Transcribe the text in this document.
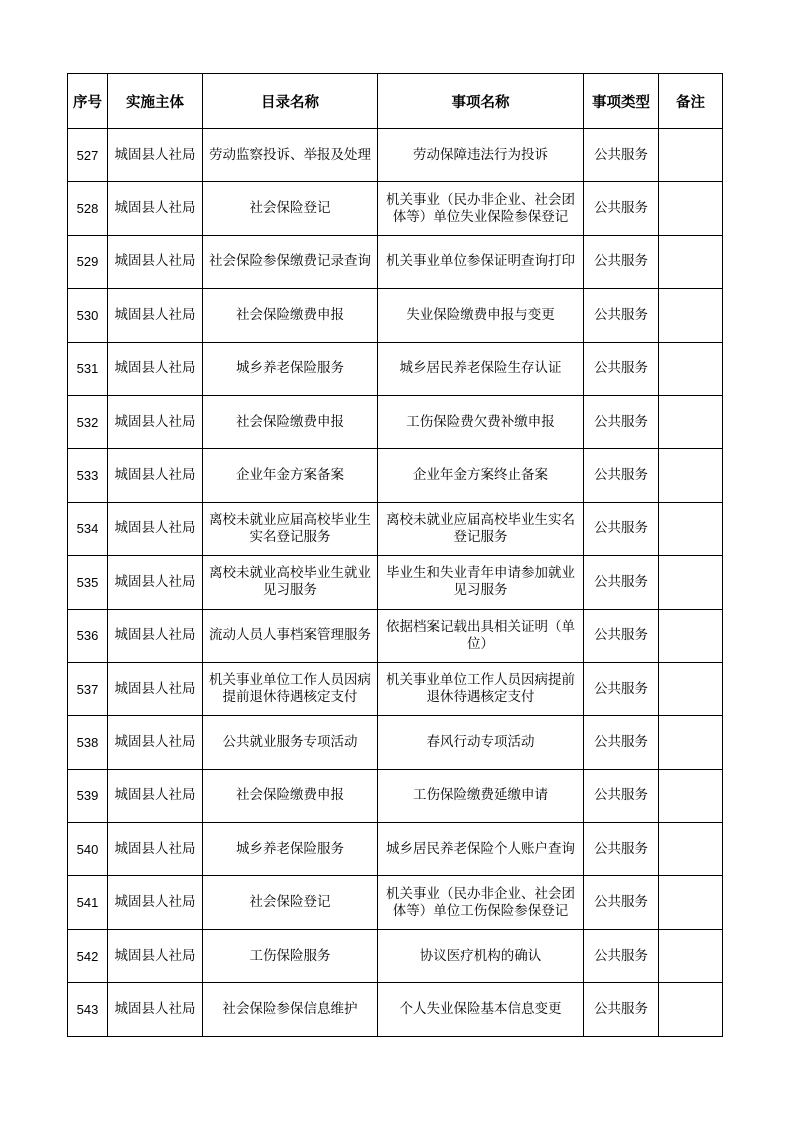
序号	实施主体	目录名称	事项名称	事项类型	备注
527	城固县人社局	劳动监察投诉、举报及处理	劳动保障违法行为投诉	公共服务	
528	城固县人社局	社会保险登记	机关事业（民办非企业、社会团体等）单位失业保险参保登记	公共服务	
529	城固县人社局	社会保险参保缴费记录查询	机关事业单位参保证明查询打印	公共服务	
530	城固县人社局	社会保险缴费申报	失业保险缴费申报与变更	公共服务	
531	城固县人社局	城乡养老保险服务	城乡居民养老保险生存认证	公共服务	
532	城固县人社局	社会保险缴费申报	工伤保险费欠费补缴申报	公共服务	
533	城固县人社局	企业年金方案备案	企业年金方案终止备案	公共服务	
534	城固县人社局	离校未就业应届高校毕业生实名登记服务	离校未就业应届高校毕业生实名登记服务	公共服务	
535	城固县人社局	离校未就业高校毕业生就业见习服务	毕业生和失业青年申请参加就业见习服务	公共服务	
536	城固县人社局	流动人员人事档案管理服务	依据档案记载出具相关证明（单位）	公共服务	
537	城固县人社局	机关事业单位工作人员因病提前退休待遇核定支付	机关事业单位工作人员因病提前退休待遇核定支付	公共服务	
538	城固县人社局	公共就业服务专项活动	春风行动专项活动	公共服务	
539	城固县人社局	社会保险缴费申报	工伤保险缴费延缴申请	公共服务	
540	城固县人社局	城乡养老保险服务	城乡居民养老保险个人账户查询	公共服务	
541	城固县人社局	社会保险登记	机关事业（民办非企业、社会团体等）单位工伤保险参保登记	公共服务	
542	城固县人社局	工伤保险服务	协议医疗机构的确认	公共服务	
543	城固县人社局	社会保险参保信息维护	个人失业保险基本信息变更	公共服务	
